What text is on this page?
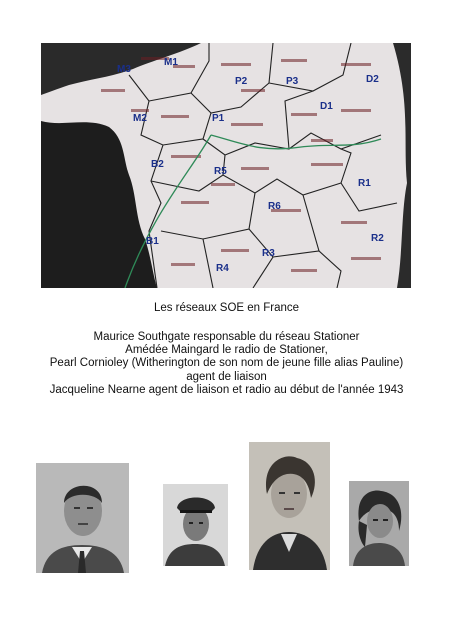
M3
M1
P2	P3	D2
M2	P1
D1
B2
R5
R1
R6
B1	R2
R3
R4
Les réseaux SOE en France
Maurice Southgate responsable du réseau Stationer
Amédée Maingard le radio de Stationer,
Pearl Cornioley (Witherington de son nom de jeune fille alias Pauline)
agent de liaison
Jacqueline Nearne agent de liaison et radio au début de l'année 1943
